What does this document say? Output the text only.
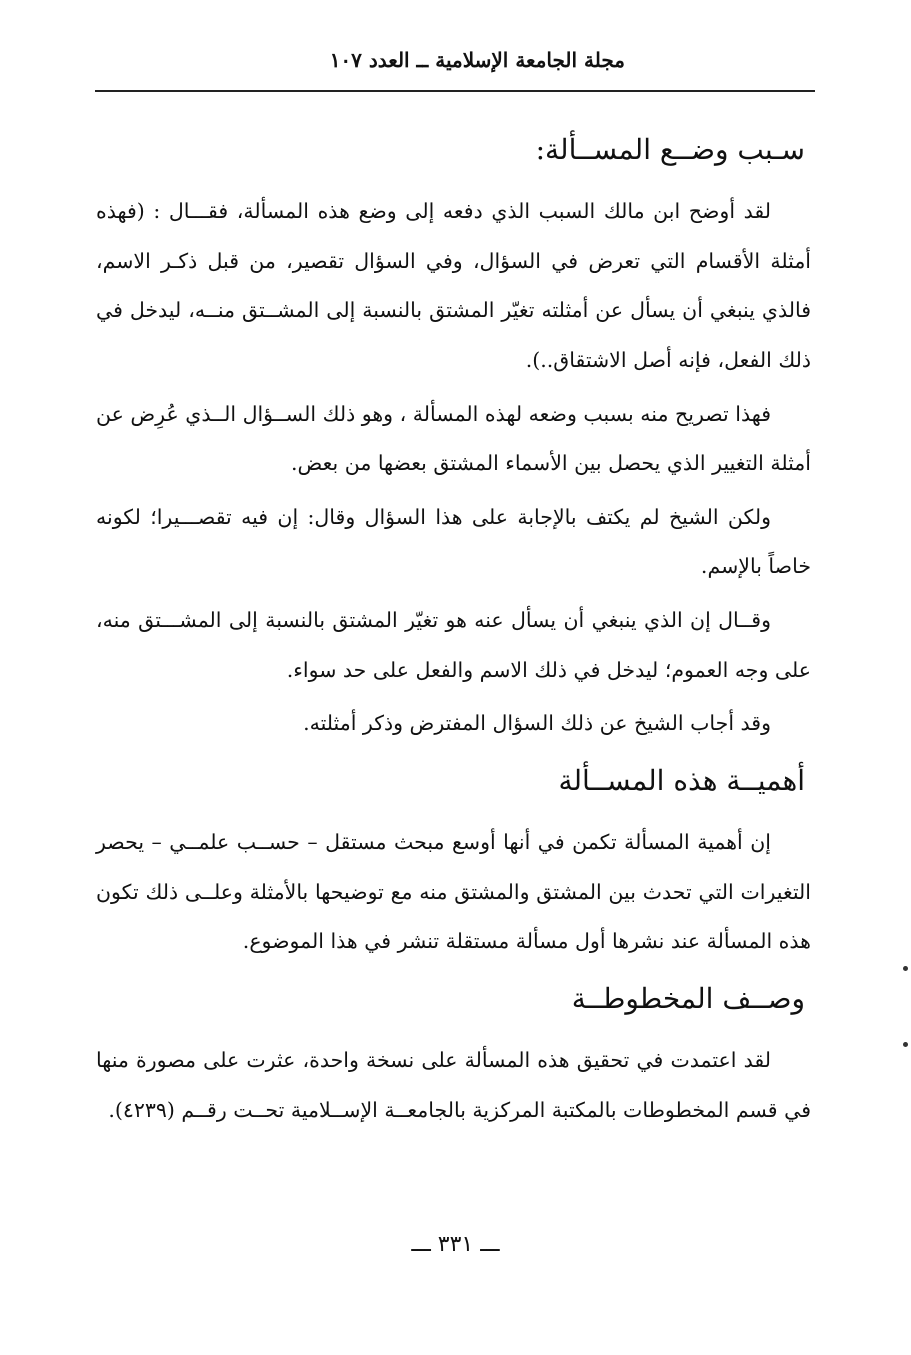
مجلة الجامعة الإسلامية ــ العدد ١٠٧
سـبب وضــع المســألة:

لقد أوضح ابن مالك السبب الذي دفعه إلى وضع هذه المسألة، فقـــال : (فهذه أمثلة الأقسام التي تعرض في السؤال، وفي السؤال تقصير، من قبل ذكـر الاسم، فالذي ينبغي أن يسأل عن أمثلته تغيّر المشتق بالنسبة إلى المشــتق منــه، ليدخل في ذلك الفعل، فإنه أصل الاشتقاق..).

فهذا تصريح منه بسبب وضعه لهذه المسألة ، وهو ذلك الســؤال الــذي عُرِض عن أمثلة التغيير الذي يحصل بين الأسماء المشتق بعضها من بعض.

ولكن الشيخ لم يكتف بالإجابة على هذا السؤال وقال: إن فيه تقصـــيرا؛ لكونه خاصاً بالإسم.

وقــال إن الذي ينبغي أن يسأل عنه هو تغيّر المشتق بالنسبة إلى المشـــتق منه، على وجه العموم؛ ليدخل في ذلك الاسم والفعل على حد سواء.

وقد أجاب الشيخ عن ذلك السؤال المفترض وذكر أمثلته.

أهميــة هذه المســألة

إن أهمية المسألة تكمن في أنها أوسع مبحث مستقل – حســب علمــي – يحصر التغيرات التي تحدث بين المشتق والمشتق منه مع توضيحها بالأمثلة وعلــى ذلك تكون هذه المسألة عند نشرها أول مسألة مستقلة تنشر في هذا الموضوع.

وصــف المخطوطــة

لقد اعتمدت في تحقيق هذه المسألة على نسخة واحدة، عثرت على مصورة منها في قسم المخطوطات بالمكتبة المركزية بالجامعــة الإســلامية تحــت رقــم (٤٢٣٩).

ـــ ٣٣١ ـــ
